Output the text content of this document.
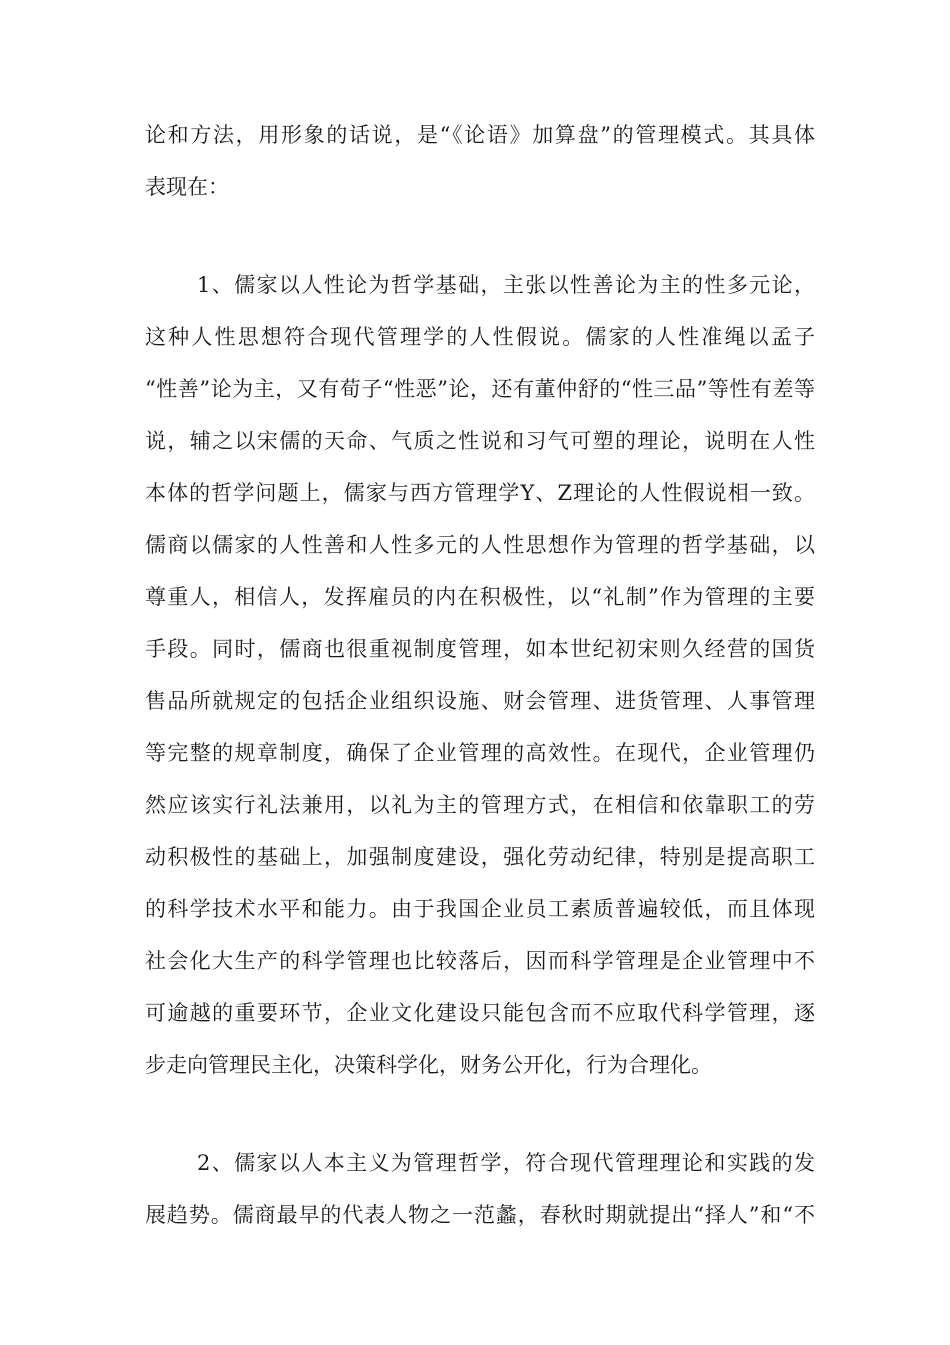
论和方法，用形象的话说，是“《论语》加算盘”的管理模式。其具体
表现在：
1、儒家以人性论为哲学基础，主张以性善论为主的性多元论，
这种人性思想符合现代管理学的人性假说。儒家的人性准绳以孟子
“性善”论为主，又有荀子“性恶”论，还有董仲舒的“性三品”等性有差等
说，辅之以宋儒的天命、气质之性说和习气可塑的理论，说明在人性
本体的哲学问题上，儒家与西方管理学Y、Z理论的人性假说相一致。
儒商以儒家的人性善和人性多元的人性思想作为管理的哲学基础，以
尊重人，相信人，发挥雇员的内在积极性，以“礼制”作为管理的主要
手段。同时，儒商也很重视制度管理，如本世纪初宋则久经营的国货
售品所就规定的包括企业组织设施、财会管理、进货管理、人事管理
等完整的规章制度，确保了企业管理的高效性。在现代，企业管理仍
然应该实行礼法兼用，以礼为主的管理方式，在相信和依靠职工的劳
动积极性的基础上，加强制度建设，强化劳动纪律，特别是提高职工
的科学技术水平和能力。由于我国企业员工素质普遍较低，而且体现
社会化大生产的科学管理也比较落后，因而科学管理是企业管理中不
可逾越的重要环节，企业文化建设只能包含而不应取代科学管理，逐
步走向管理民主化，决策科学化，财务公开化，行为合理化。
2、儒家以人本主义为管理哲学，符合现代管理理论和实践的发
展趋势。儒商最早的代表人物之一范蠡，春秋时期就提出“择人”和“不
